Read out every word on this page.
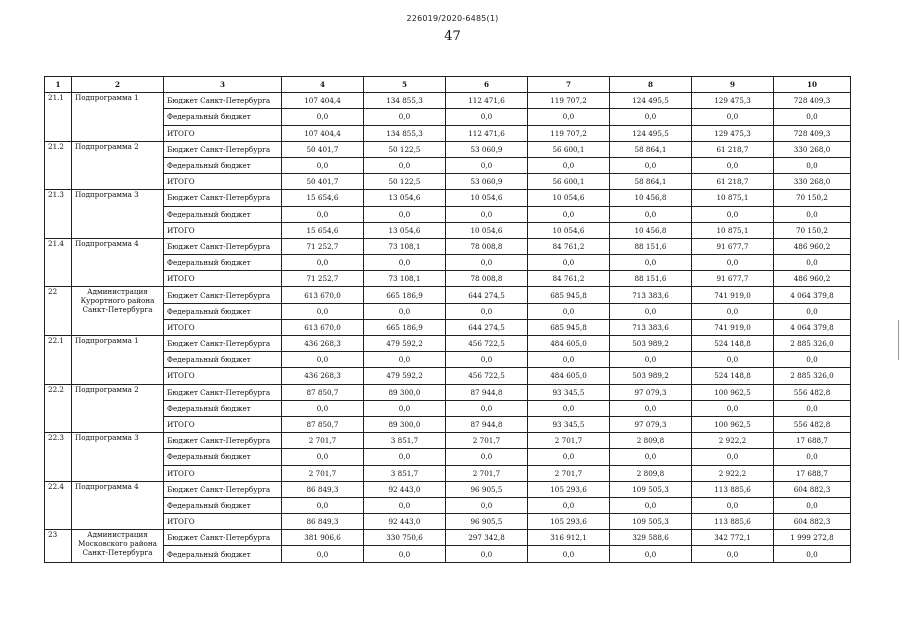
226019/2020-6485(1)
47
1	2	3	4	5	6	7	8	9	10
21.1	Подпрограмма 1	Бюджет Санкт-Петербурга	107 404,4	134 855,3	112 471,6	119 707,2	124 495,5	129 475,3	728 409,3
		Федеральный бюджет	0,0	0,0	0,0	0,0	0,0	0,0	0,0
		ИТОГО	107 404,4	134 855,3	112 471,6	119 707,2	124 495,5	129 475,3	728 409,3
21.2	Подпрограмма 2	Бюджет Санкт-Петербурга	50 401,7	50 122,5	53 060,9	56 600,1	58 864,1	61 218,7	330 268,0
		Федеральный бюджет	0,0	0,0	0,0	0,0	0,0	0,0	0,0
		ИТОГО	50 401,7	50 122,5	53 060,9	56 600,1	58 864,1	61 218,7	330 268,0
21.3	Подпрограмма 3	Бюджет Санкт-Петербурга	15 654,6	13 054,6	10 054,6	10 054,6	10 456,8	10 875,1	70 150,2
		Федеральный бюджет	0,0	0,0	0,0	0,0	0,0	0,0	0,0
		ИТОГО	15 654,6	13 054,6	10 054,6	10 054,6	10 456,8	10 875,1	70 150,2
21.4	Подпрограмма 4	Бюджет Санкт-Петербурга	71 252,7	73 108,1	78 008,8	84 761,2	88 151,6	91 677,7	486 960,2
		Федеральный бюджет	0,0	0,0	0,0	0,0	0,0	0,0	0,0
		ИТОГО	71 252,7	73 108,1	78 008,8	84 761,2	88 151,6	91 677,7	486 960,2
22	Администрация Курортного района Санкт-Петербурга	Бюджет Санкт-Петербурга	613 670,0	665 186,9	644 274,5	685 945,8	713 383,6	741 919,0	4 064 379,8
		Федеральный бюджет	0,0	0,0	0,0	0,0	0,0	0,0	0,0
		ИТОГО	613 670,0	665 186,9	644 274,5	685 945,8	713 383,6	741 919,0	4 064 379,8
22.1	Подпрограмма 1	Бюджет Санкт-Петербурга	436 268,3	479 592,2	456 722,5	484 605,0	503 989,2	524 148,8	2 885 326,0
		Федеральный бюджет	0,0	0,0	0,0	0,0	0,0	0,0	0,0
		ИТОГО	436 268,3	479 592,2	456 722,5	484 605,0	503 989,2	524 148,8	2 885 326,0
22.2	Подпрограмма 2	Бюджет Санкт-Петербурга	87 850,7	89 300,0	87 944,8	93 345,5	97 079,3	100 962,5	556 482,8
		Федеральный бюджет	0,0	0,0	0,0	0,0	0,0	0,0	0,0
		ИТОГО	87 850,7	89 300,0	87 944,8	93 345,5	97 079,3	100 962,5	556 482,8
22.3	Подпрограмма 3	Бюджет Санкт-Петербурга	2 701,7	3 851,7	2 701,7	2 701,7	2 809,8	2 922,2	17 688,7
		Федеральный бюджет	0,0	0,0	0,0	0,0	0,0	0,0	0,0
		ИТОГО	2 701,7	3 851,7	2 701,7	2 701,7	2 809,8	2 922,2	17 688,7
22.4	Подпрограмма 4	Бюджет Санкт-Петербурга	86 849,3	92 443,0	96 905,5	105 293,6	109 505,3	113 885,6	604 882,3
		Федеральный бюджет	0,0	0,0	0,0	0,0	0,0	0,0	0,0
		ИТОГО	86 849,3	92 443,0	96 905,5	105 293,6	109 505,3	113 885,6	604 882,3
23	Администрация Московского района Санкт-Петербурга	Бюджет Санкт-Петербурга	381 906,6	330 750,6	297 342,8	316 912,1	329 588,6	342 772,1	1 999 272,8
		Федеральный бюджет	0,0	0,0	0,0	0,0	0,0	0,0	0,0
